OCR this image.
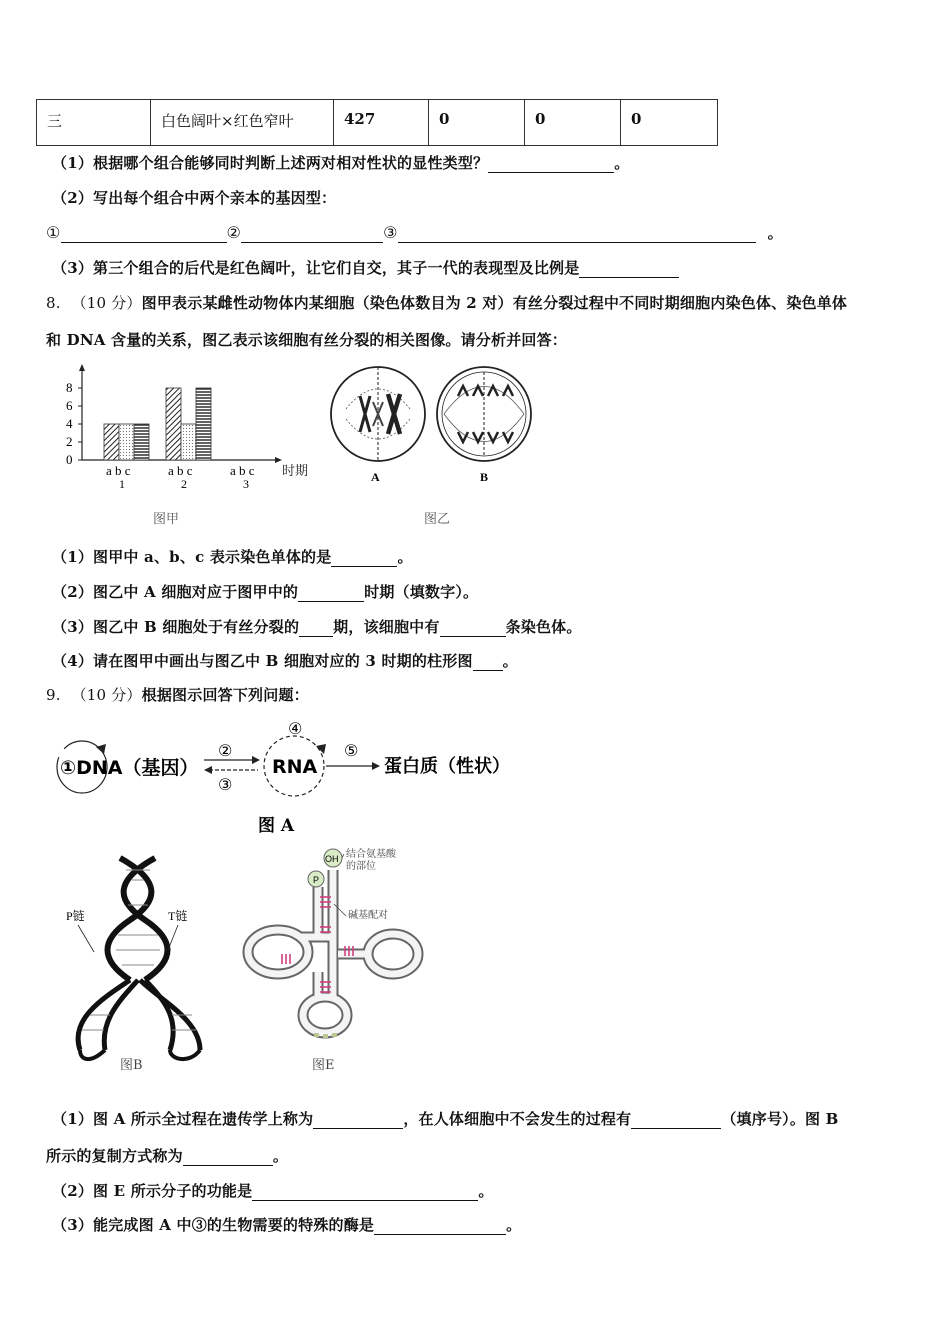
三	白色阔叶×红色窄叶	427	0	0	0
（1）根据哪个组合能够同时判断上述两对相对性状的显性类型？	。
（2）写出每个组合中两个亲本的基因型：
①	②	③	。
（3）第三个组合的后代是红色阔叶，让它们自交，其子一代的表现型及比例是
8. （10 分）图甲表示某雌性动物体内某细胞（染色体数目为 2 对）有丝分裂过程中不同时期细胞内染色体、染色单体
和 DNA 含量的关系，图乙表示该细胞有丝分裂的相关图像。请分析并回答：
0
2
4
6
8
a b c
1
a b c
2
a b c
3
时期
图甲
A	B
图乙
（1）图甲中 a、b、c 表示染色单体的是	。
（2）图乙中 A 细胞对应于图甲中的	时期（填数字）。
（3）图乙中 B 细胞处于有丝分裂的 期，该细胞中有	条染色体。
（4）请在图甲中画出与图乙中 B 细胞对应的 3 时期的柱形图 。
9. （10 分）根据图示回答下列问题：
①DNA（基因）
②
③
④
RNA
⑤
蛋白质（性状）
图 A
P链	T链
图B
OH
P
结合氨基酸
的部位
碱基配对
图E
（1）图 A 所示全过程在遗传学上称为	，在人体细胞中不会发生的过程有	（填序号）。图 B
所示的复制方式称为	。
（2）图 E 所示分子的功能是	。
（3）能完成图 A 中③的生物需要的特殊的酶是	。
